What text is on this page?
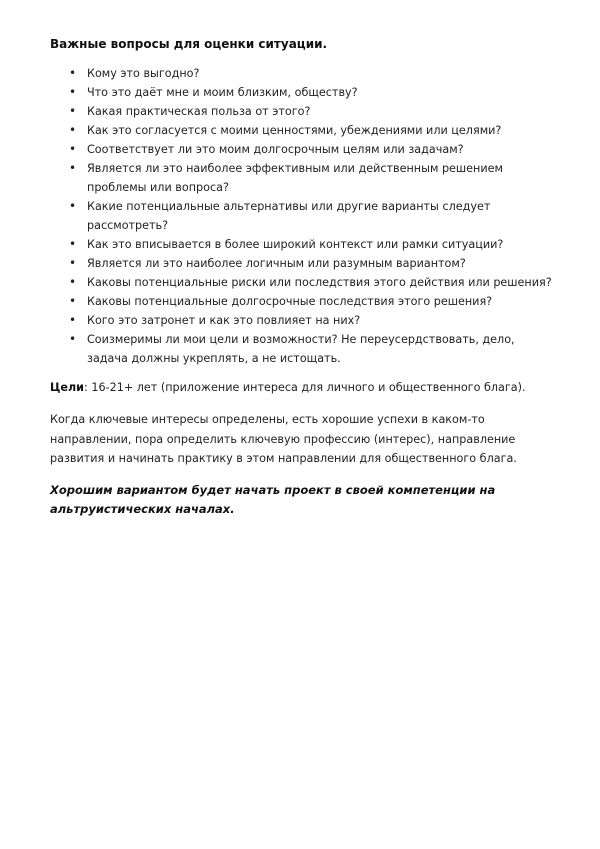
Важные вопросы для оценки ситуации.
• Кому это выгодно?
• Что это даёт мне и моим близким, обществу?
• Какая практическая польза от этого?
• Как это согласуется с моими ценностями, убеждениями или целями?
• Соответствует ли это моим долгосрочным целям или задачам?
• Является ли это наиболее эффективным или действенным решением проблемы или вопроса?
• Какие потенциальные альтернативы или другие варианты следует рассмотреть?
• Как это вписывается в более широкий контекст или рамки ситуации?
• Является ли это наиболее логичным или разумным вариантом?
• Каковы потенциальные риски или последствия этого действия или решения?
• Каковы потенциальные долгосрочные последствия этого решения?
• Кого это затронет и как это повлияет на них?
• Соизмеримы ли мои цели и возможности? Не переусердствовать, дело, задача должны укреплять, а не истощать.

Цели: 16-21+ лет (приложение интереса для личного и общественного блага).

Когда ключевые интересы определены, есть хорошие успехи в каком-то направлении, пора определить ключевую профессию (интерес), направление развития и начинать практику в этом направлении для общественного блага.

Хорошим вариантом будет начать проект в своей компетенции на альтруистических началах.
